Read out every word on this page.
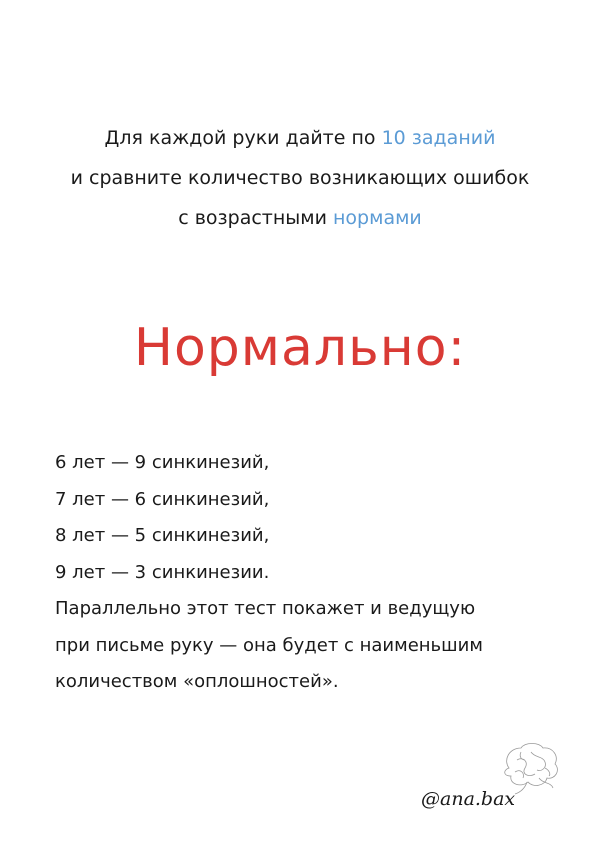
Для каждой руки дайте по 10 заданий
и сравните количество возникающих ошибок
с возрастными нормами
Нормально:
6 лет — 9 синкинезий,
7 лет — 6 синкинезий,
8 лет — 5 синкинезий,
9 лет — 3 синкинезии.
Параллельно этот тест покажет и ведущую
при письме руку — она будет с наименьшим
количеством «оплошностей».
@ana.bax
